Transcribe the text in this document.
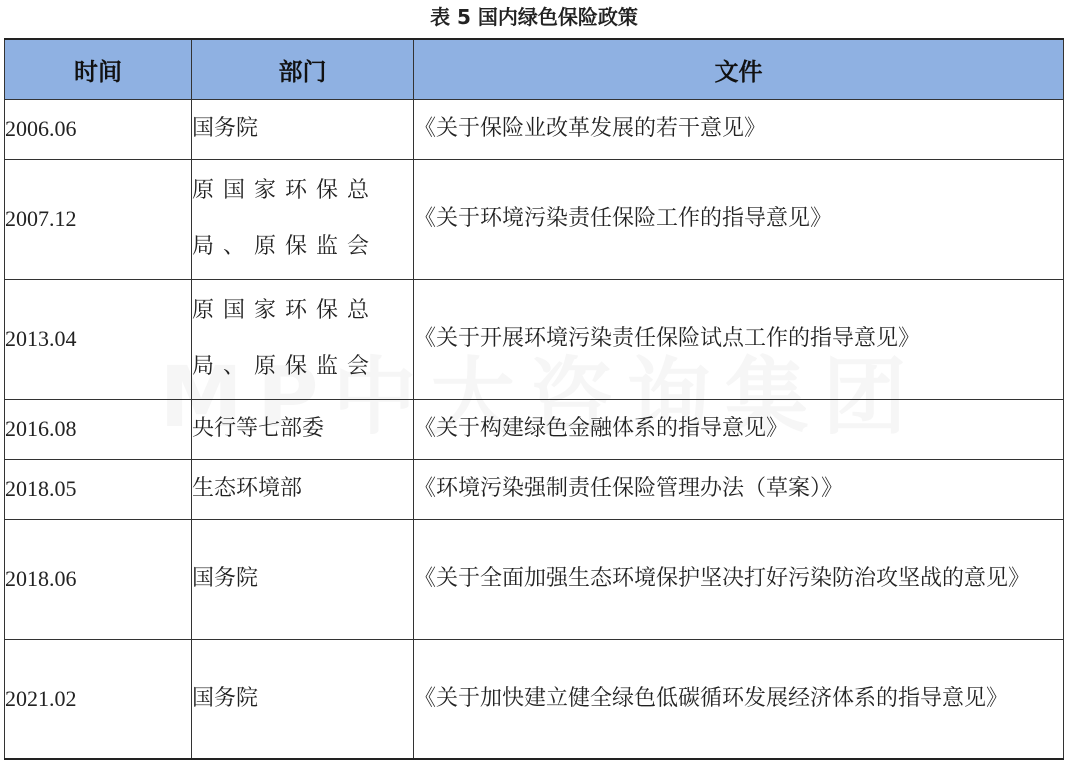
表 5 国内绿色保险政策
时间	部门	文件
2006.06	国务院	《关于保险业改革发展的若干意见》
2007.12	原国家环保总局、原保监会	《关于环境污染责任保险工作的指导意见》
2013.04	原国家环保总局、原保监会	《关于开展环境污染责任保险试点工作的指导意见》
2016.08	央行等七部委	《关于构建绿色金融体系的指导意见》
2018.05	生态环境部	《环境污染强制责任保险管理办法（草案）》
2018.06	国务院	《关于全面加强生态环境保护坚决打好污染防治攻坚战的意见》
2021.02	国务院	《关于加快建立健全绿色低碳循环发展经济体系的指导意见》
